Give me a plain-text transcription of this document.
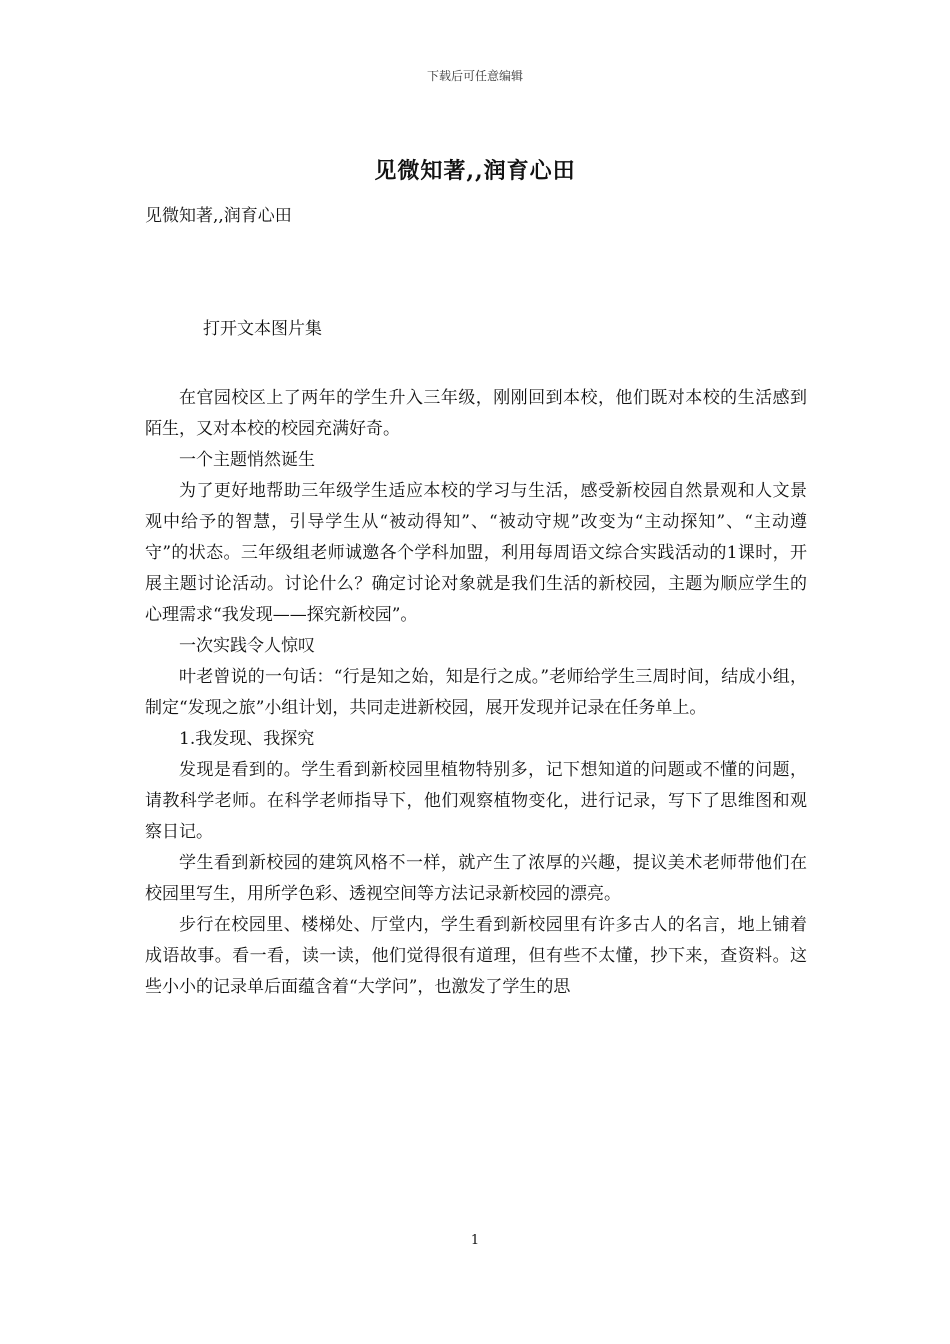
下载后可任意编辑
见微知著,,润育心田
见微知著,,润育心田
打开文本图片集

在官园校区上了两年的学生升入三年级，刚刚回到本校，他们既对本校的生活感到陌生，又对本校的校园充满好奇。

一个主题悄然诞生

为了更好地帮助三年级学生适应本校的学习与生活，感受新校园自然景观和人文景观中给予的智慧，引导学生从“被动得知”、“被动守规”改变为“主动探知”、“主动遵守”的状态。三年级组老师诚邀各个学科加盟，利用每周语文综合实践活动的1课时，开展主题讨论活动。讨论什么？确定讨论对象就是我们生活的新校园，主题为顺应学生的心理需求“我发现——探究新校园”。

一次实践令人惊叹

叶老曾说的一句话：“行是知之始，知是行之成。”老师给学生三周时间，结成小组，制定“发现之旅”小组计划，共同走进新校园，展开发现并记录在任务单上。

1.我发现、我探究

发现是看到的。学生看到新校园里植物特别多，记下想知道的问题或不懂的问题，请教科学老师。在科学老师指导下，他们观察植物变化，进行记录，写下了思维图和观察日记。

学生看到新校园的建筑风格不一样，就产生了浓厚的兴趣，提议美术老师带他们在校园里写生，用所学色彩、透视空间等方法记录新校园的漂亮。

步行在校园里、楼梯处、厅堂内，学生看到新校园里有许多古人的名言，地上铺着成语故事。看一看，读一读，他们觉得很有道理，但有些不太懂，抄下来，查资料。这些小小的记录单后面蕴含着“大学问”，也激发了学生的思

1
